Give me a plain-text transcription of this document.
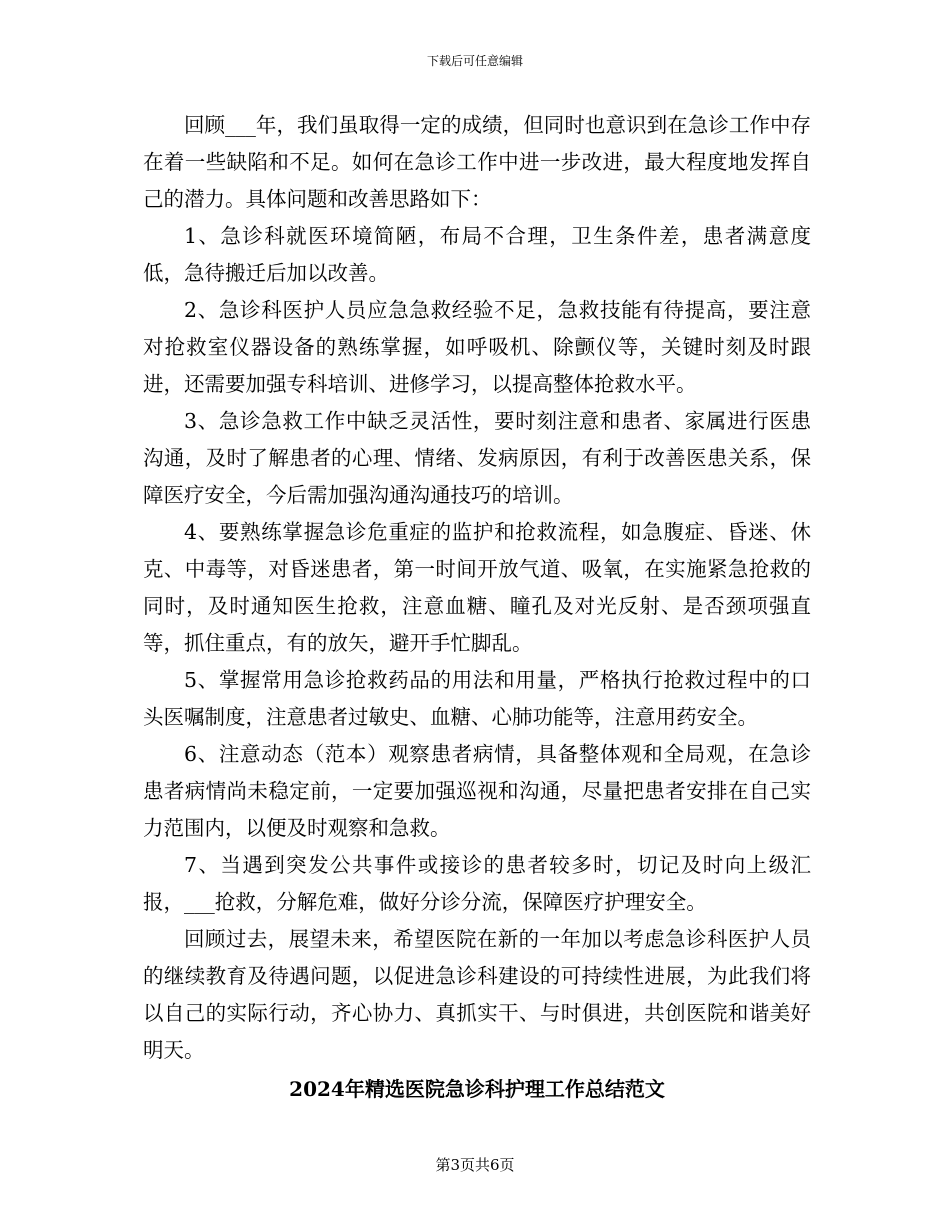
下载后可任意编辑

回顾___年，我们虽取得一定的成绩，但同时也意识到在急诊工作中存在着一些缺陷和不足。如何在急诊工作中进一步改进，最大程度地发挥自己的潜力。具体问题和改善思路如下：

1、急诊科就医环境简陋，布局不合理，卫生条件差，患者满意度低，急待搬迁后加以改善。

2、急诊科医护人员应急急救经验不足，急救技能有待提高，要注意对抢救室仪器设备的熟练掌握，如呼吸机、除颤仪等，关键时刻及时跟进，还需要加强专科培训、进修学习，以提高整体抢救水平。

3、急诊急救工作中缺乏灵活性，要时刻注意和患者、家属进行医患沟通，及时了解患者的心理、情绪、发病原因，有利于改善医患关系，保障医疗安全，今后需加强沟通沟通技巧的培训。

4、要熟练掌握急诊危重症的监护和抢救流程，如急腹症、昏迷、休克、中毒等，对昏迷患者，第一时间开放气道、吸氧，在实施紧急抢救的同时，及时通知医生抢救，注意血糖、瞳孔及对光反射、是否颈项强直等，抓住重点，有的放矢，避开手忙脚乱。

5、掌握常用急诊抢救药品的用法和用量，严格执行抢救过程中的口头医嘱制度，注意患者过敏史、血糖、心肺功能等，注意用药安全。

6、注意动态（范本）观察患者病情，具备整体观和全局观，在急诊患者病情尚未稳定前，一定要加强巡视和沟通，尽量把患者安排在自己实力范围内，以便及时观察和急救。

7、当遇到突发公共事件或接诊的患者较多时，切记及时向上级汇报，___抢救，分解危难，做好分诊分流，保障医疗护理安全。

回顾过去，展望未来，希望医院在新的一年加以考虑急诊科医护人员的继续教育及待遇问题，以促进急诊科建设的可持续性进展，为此我们将以自己的实际行动，齐心协力、真抓实干、与时俱进，共创医院和谐美好明天。

2024年精选医院急诊科护理工作总结范文
第3页共6页
